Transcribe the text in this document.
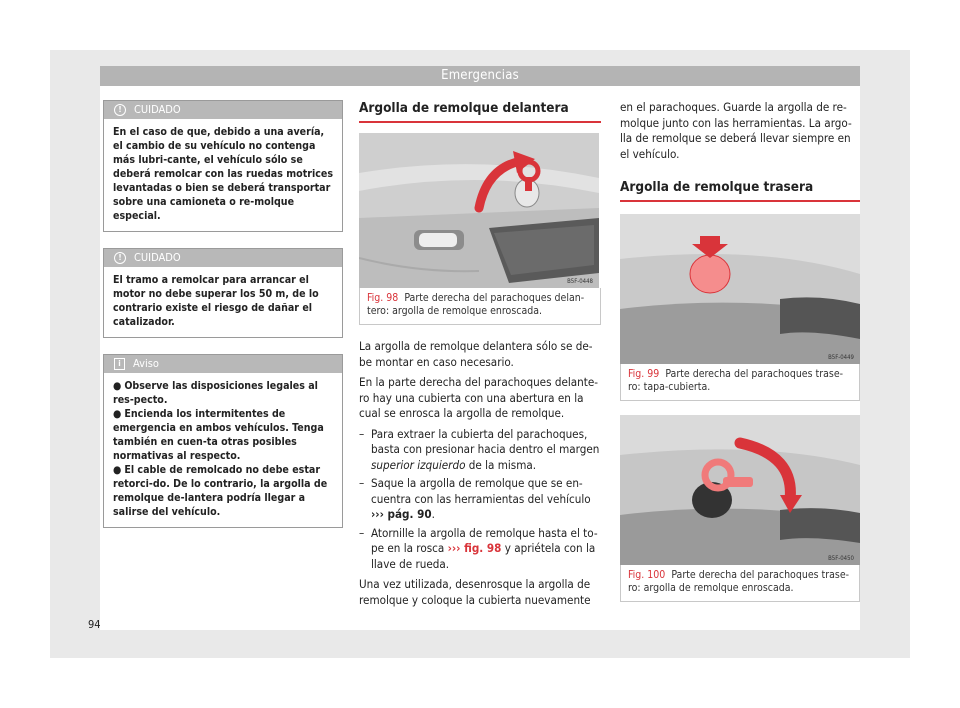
Emergencias
!	CUIDADO
En el caso de que, debido a una avería, el cambio de su vehículo no contenga más lubri-cante, el vehículo sólo se deberá remolcar con las ruedas motrices levantadas o bien se deberá transportar sobre una camioneta o re-molque especial.
!	CUIDADO
El tramo a remolcar para arrancar el motor no debe superar los 50 m, de lo contrario existe el riesgo de dañar el catalizador.
i	Aviso
● Observe las disposiciones legales al res-pecto.
● Encienda los intermitentes de emergencia en ambos vehículos. Tenga también en cuen-ta otras posibles normativas al respecto.
● El cable de remolcado no debe estar retorci-do. De lo contrario, la argolla de remolque de-lantera podría llegar a salirse del vehículo.
Argolla de remolque delantera
B5F-0448
Fig. 98 Parte derecha del parachoques delan-tero: argolla de remolque enroscada.

La argolla de remolque delantera sólo se de-be montar en caso necesario.

En la parte derecha del parachoques delante-ro hay una cubierta con una abertura en la cual se enrosca la argolla de remolque.

– Para extraer la cubierta del parachoques, basta con presionar hacia dentro el margen superior izquierdo de la misma.
– Saque la argolla de remolque que se en-cuentra con las herramientas del vehículo ››› pág. 90.
– Atornille la argolla de remolque hasta el to-pe en la rosca ››› fig. 98 y apriétela con la llave de rueda.

Una vez utilizada, desenrosque la argolla de remolque y coloque la cubierta nuevamente

en el parachoques. Guarde la argolla de re-molque junto con las herramientas. La argo-lla de remolque se deberá llevar siempre en el vehículo.

Argolla de remolque trasera
B5F-0449
Fig. 99 Parte derecha del parachoques trase-ro: tapa-cubierta.
B5F-0450
Fig. 100 Parte derecha del parachoques trase-ro: argolla de remolque enroscada.
94
